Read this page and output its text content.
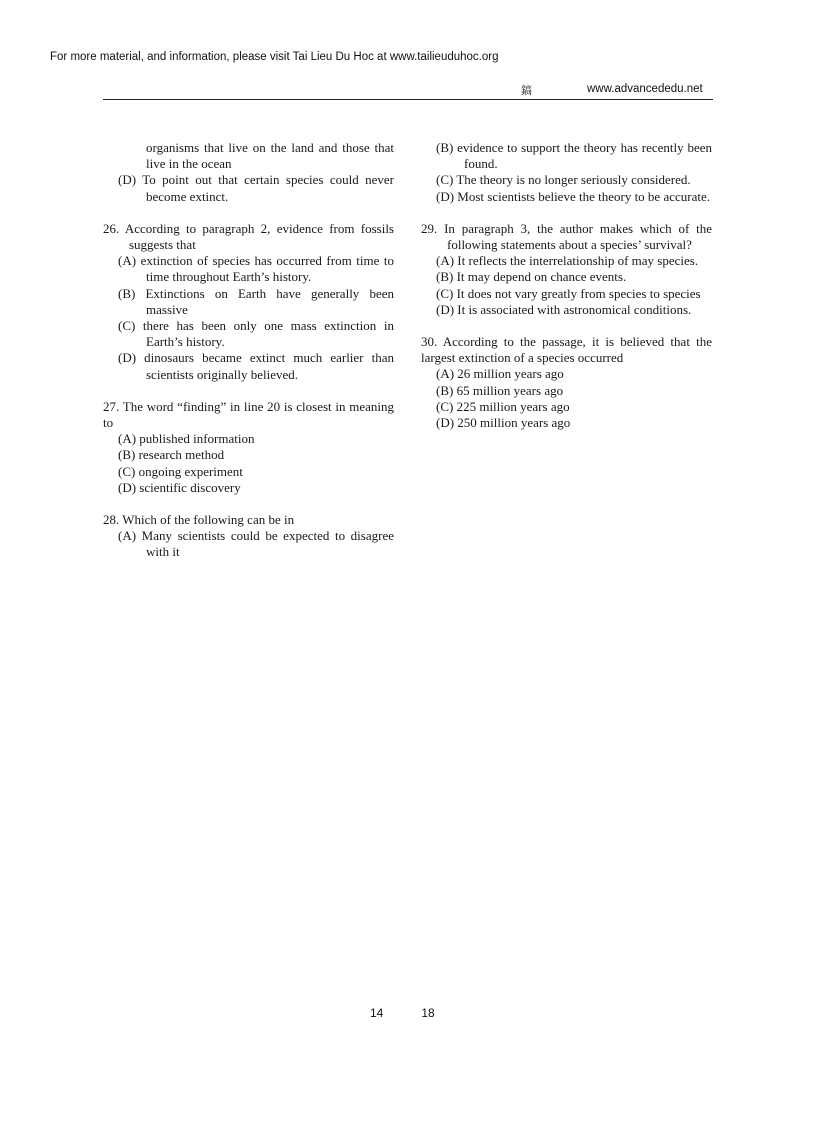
For more material, and information, please visit Tai Lieu Du Hoc at www.tailieuduhoc.org
鎬	www.advancededu.net
organisms that live on the land and those that live in the ocean
(D) To point out that certain species could never become extinct.
26. According to paragraph 2, evidence from fossils suggests that
(A) extinction of species has occurred from time to time throughout Earth’s history.
(B) Extinctions on Earth have generally been massive
(C) there has been only one mass extinction in Earth’s history.
(D) dinosaurs became extinct much earlier than scientists originally believed.
27. The word “finding” in line 20 is closest in meaning to
(A) published information
(B) research method
(C) ongoing experiment
(D) scientific discovery
28. Which of the following can be in
(A) Many scientists could be expected to disagree with it
(B) evidence to support the theory has recently been found.
(C) The theory is no longer seriously considered.
(D) Most scientists believe the theory to be accurate.
29. In paragraph 3, the author makes which of the following statements about a species’ survival?
(A) It reflects the interrelationship of may species.
(B) It may depend on chance events.
(C) It does not vary greatly from species to species
(D) It is associated with astronomical conditions.
30. According to the passage, it is believed that the largest extinction of a species occurred
(A) 26 million years ago
(B) 65 million years ago
(C) 225 million years ago
(D) 250 million years ago
14	18
